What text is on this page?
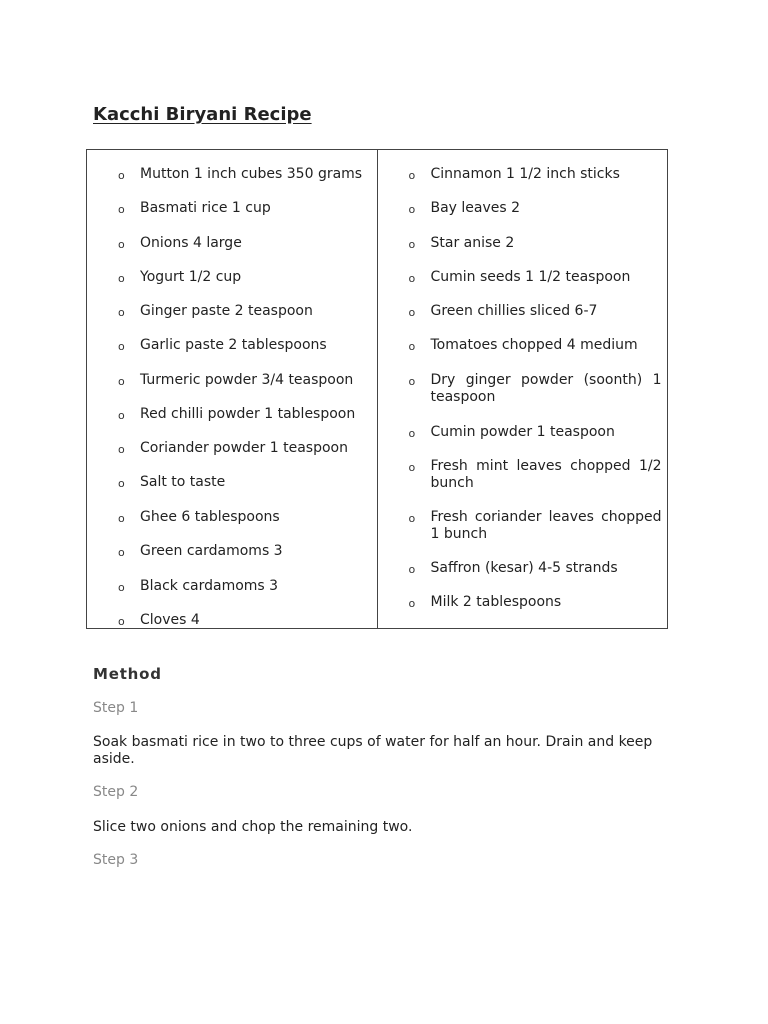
Kacchi Biryani Recipe
o Mutton 1 inch cubes 350 grams
o Basmati rice 1 cup
o Onions 4 large
o Yogurt 1/2 cup
o Ginger paste 2 teaspoon
o Garlic paste 2 tablespoons
o Turmeric powder 3/4 teaspoon
o Red chilli powder 1 tablespoon
o Coriander powder 1 teaspoon
o Salt to taste
o Ghee 6 tablespoons
o Green cardamoms 3
o Black cardamoms 3
o Cloves 4
o Cinnamon 1 1/2 inch sticks
o Bay leaves 2
o Star anise 2
o Cumin seeds 1 1/2 teaspoon
o Green chillies sliced 6-7
o Tomatoes chopped 4 medium
o Dry ginger powder (soonth) 1 teaspoon
o Cumin powder 1 teaspoon
o Fresh mint leaves chopped 1/2 bunch
o Fresh coriander leaves chopped 1 bunch
o Saffron (kesar) 4-5 strands
o Milk 2 tablespoons
Method

Step 1

Soak basmati rice in two to three cups of water for half an hour. Drain and keep aside.

Step 2

Slice two onions and chop the remaining two.

Step 3
